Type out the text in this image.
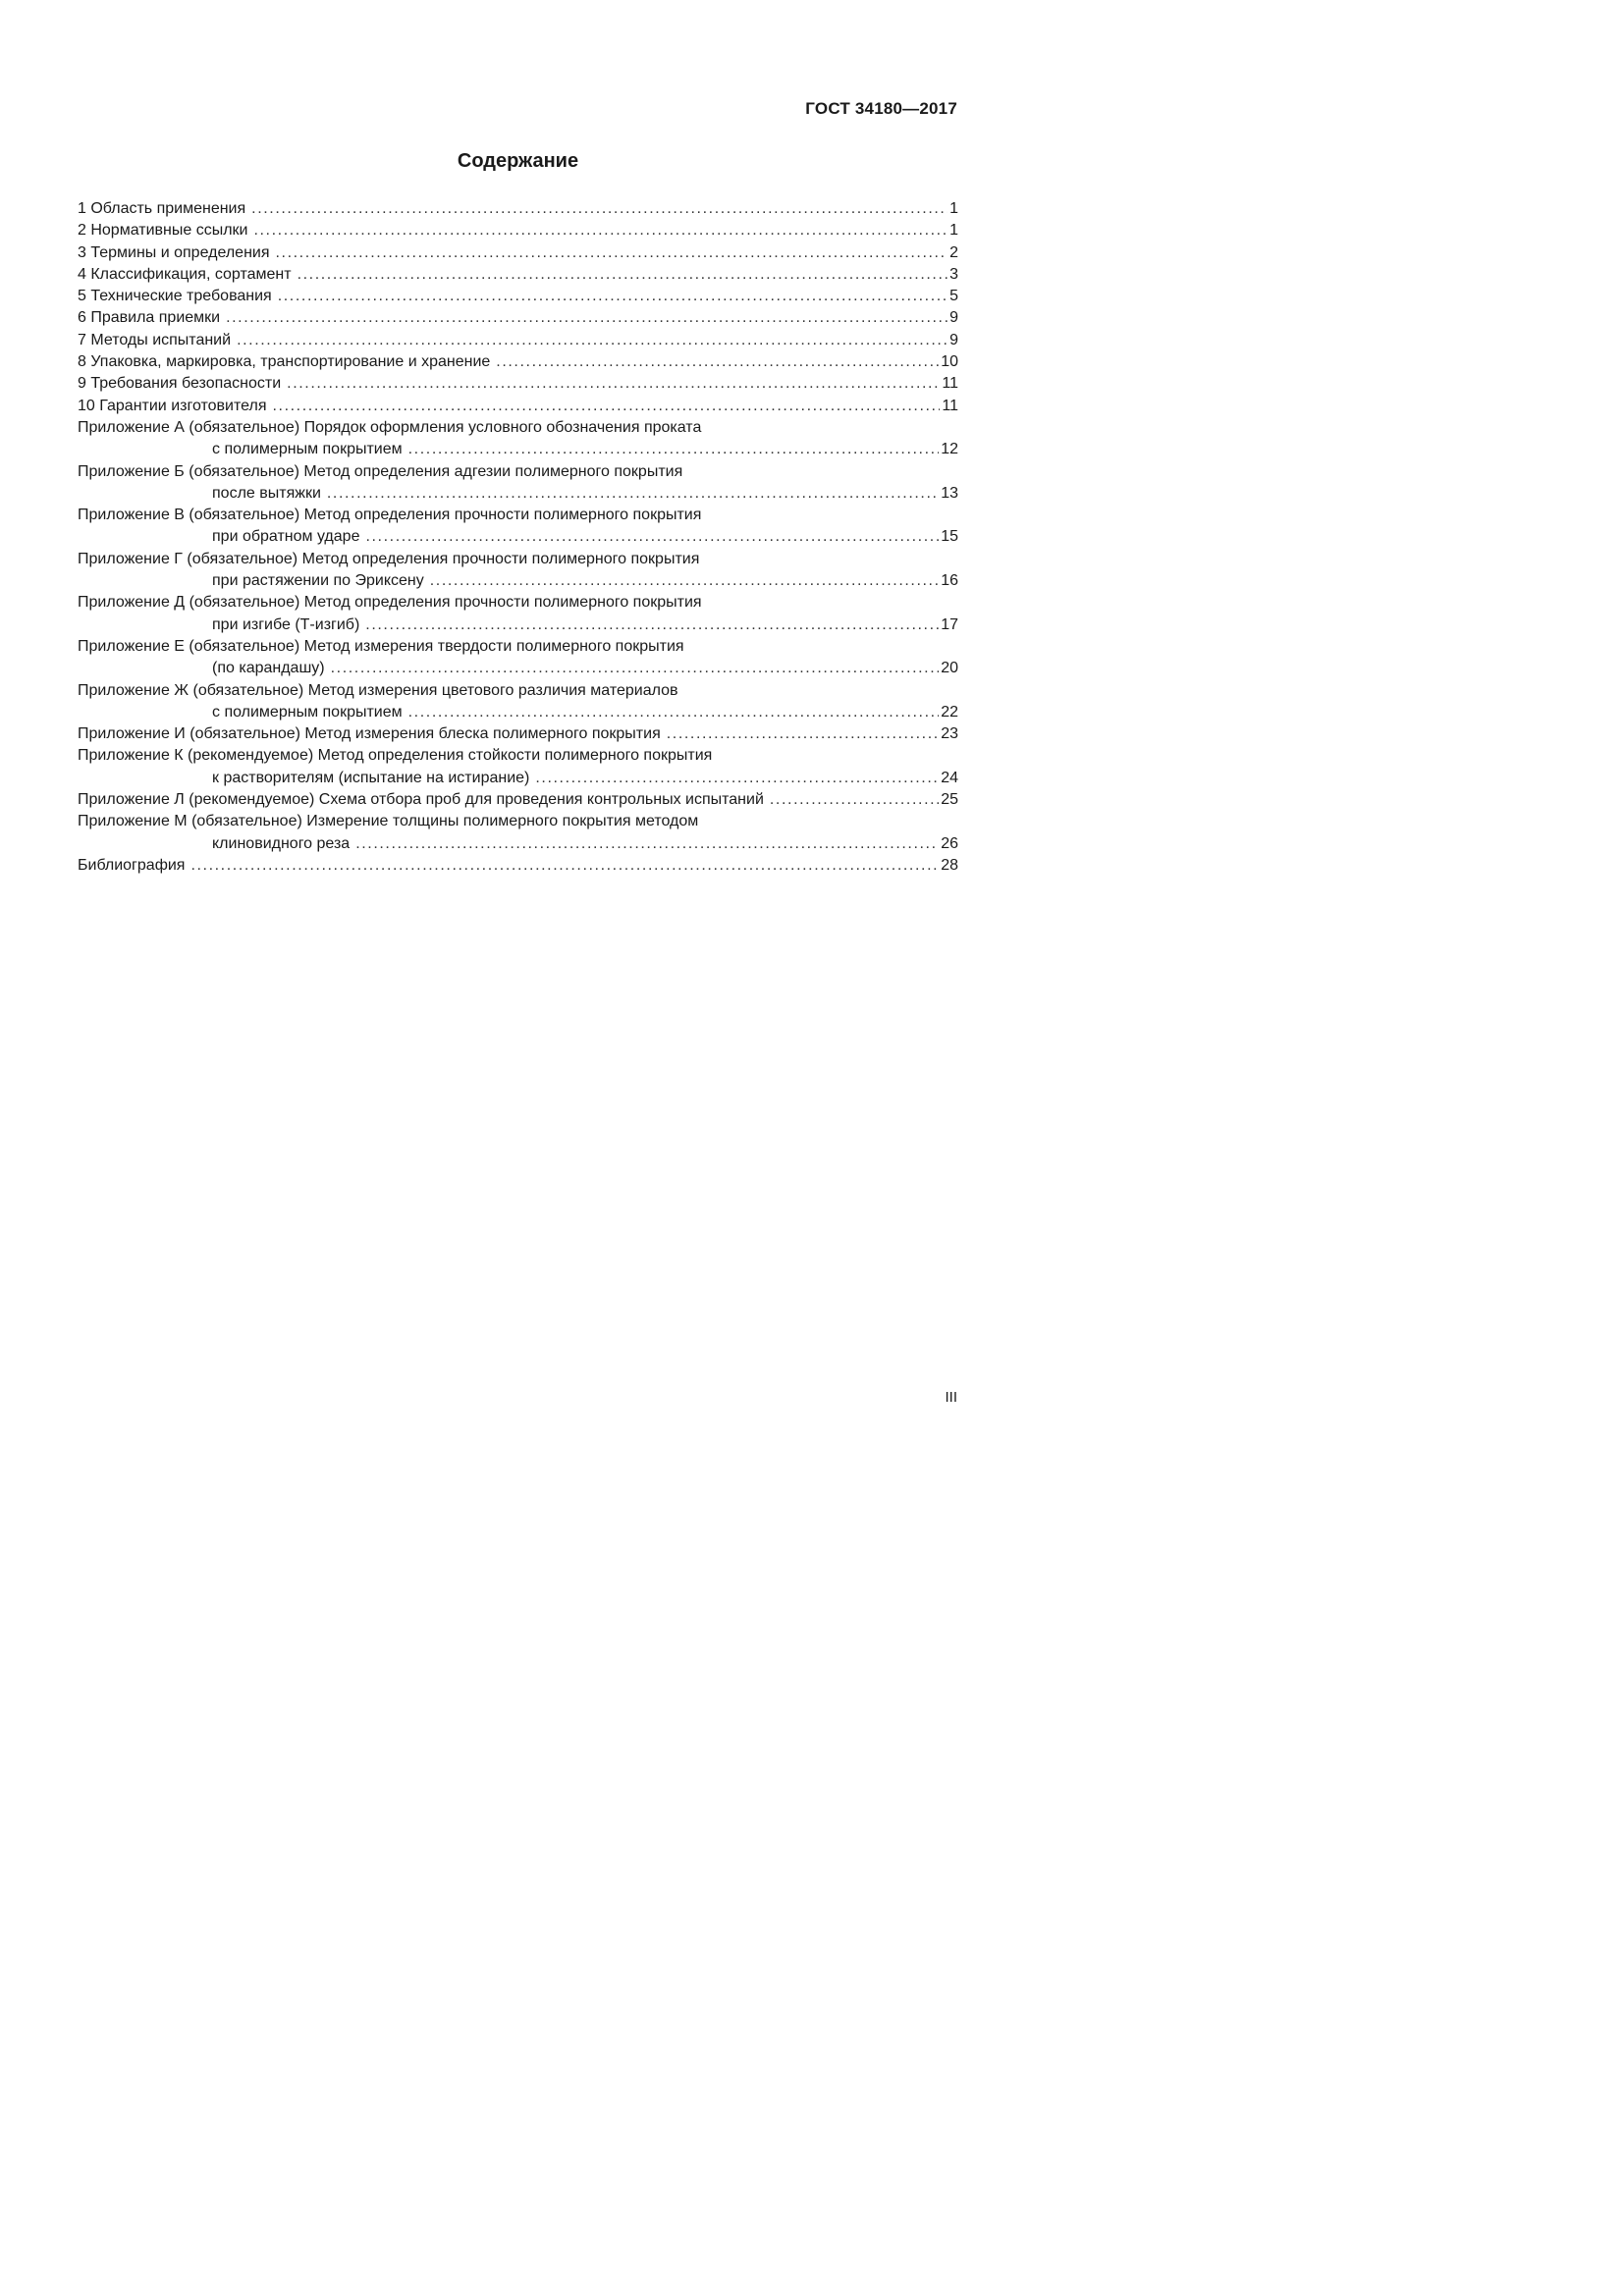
ГОСТ 34180—2017
Содержание
1 Область применения .....	1
2 Нормативные ссылки .....	1
3 Термины и определения .....	2
4 Классификация, сортамент .....	3
5 Технические требования .....	5
6 Правила приемки .....	9
7 Методы испытаний .....	9
8 Упаковка, маркировка, транспортирование и хранение .....	10
9 Требования безопасности .....	11
10 Гарантии изготовителя .....	11
Приложение А (обязательное) Порядок оформления условного обозначения проката
с полимерным покрытием .....	12
Приложение Б (обязательное) Метод определения адгезии полимерного покрытия
после вытяжки .....	13
Приложение В (обязательное) Метод определения прочности полимерного покрытия
при обратном ударе .....	15
Приложение Г (обязательное) Метод определения прочности полимерного покрытия
при растяжении по Эриксену .....	16
Приложение Д (обязательное) Метод определения прочности полимерного покрытия
при изгибе (Т-изгиб) .....	17
Приложение Е (обязательное) Метод измерения твердости полимерного покрытия
(по карандашу) .....	20
Приложение Ж (обязательное) Метод измерения цветового различия материалов
с полимерным покрытием .....	22
Приложение И (обязательное) Метод измерения блеска полимерного покрытия .....	23
Приложение К (рекомендуемое) Метод определения стойкости полимерного покрытия
к растворителям (испытание на истирание) .....	24
Приложение Л (рекомендуемое) Схема отбора проб для проведения контрольных испытаний .....	25
Приложение М (обязательное) Измерение толщины полимерного покрытия методом
клиновидного реза .....	26
Библиография .....	28
III
